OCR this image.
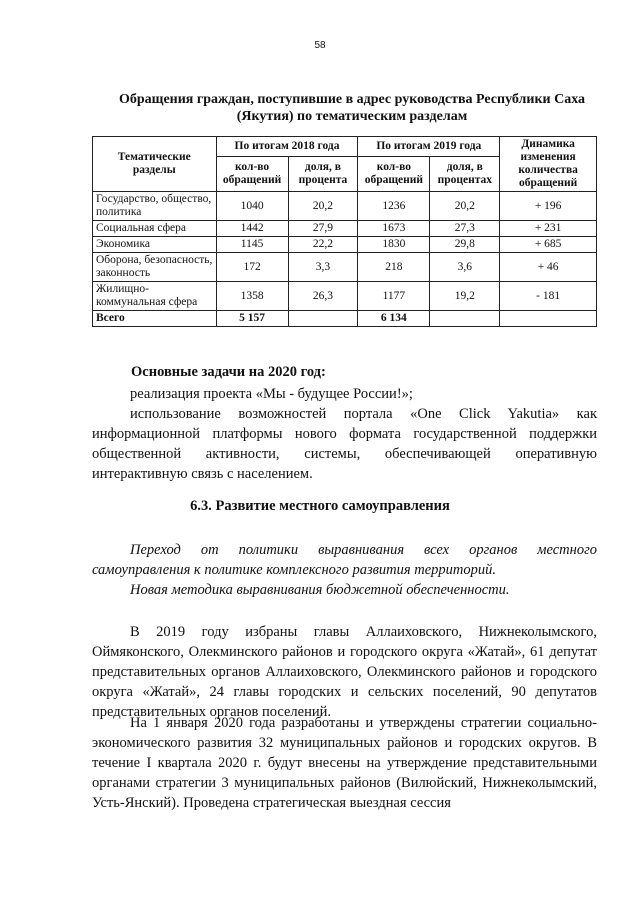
58
Обращения граждан, поступившие в адрес руководства Республики Саха (Якутия) по тематическим разделам
Тематические разделы	По итогам 2018 года		По итогам 2019 года		Динамика изменения количества обращений
	кол-во обращений	доля, в процента	кол-во обращений	доля, в процентах	
Государство, общество, политика	1040	20,2	1236	20,2	+ 196
Социальная сфера	1442	27,9	1673	27,3	+ 231
Экономика	1145	22,2	1830	29,8	+ 685
Оборона, безопасность, законность	172	3,3	218	3,6	+ 46
Жилищно-коммунальная сфера	1358	26,3	1177	19,2	- 181
Всего	5 157		6 134		
Основные задачи на 2020 год:
реализация проекта «Мы - будущее России!»;
использование возможностей портала «One Click Yakutia» как информационной платформы нового формата государственной поддержки общественной активности, системы, обеспечивающей оперативную интерактивную связь с населением.
6.3. Развитие местного самоуправления
Переход от политики выравнивания всех органов местного самоуправления к политике комплексного развития территорий.
Новая методика выравнивания бюджетной обеспеченности.
В 2019 году избраны главы Аллаиховского, Нижнеколымского, Оймяконского, Олекминского районов и городского округа «Жатай», 61 депутат представительных органов Аллаиховского, Олекминского районов и городского округа «Жатай», 24 главы городских и сельских поселений, 90 депутатов представительных органов поселений.
На 1 января 2020 года разработаны и утверждены стратегии социально-экономического развития 32 муниципальных районов и городских округов. В течение I квартала 2020 г. будут внесены на утверждение представительными органами стратегии 3 муниципальных районов (Вилюйский, Нижнеколымский, Усть-Янский). Проведена стратегическая выездная сессия
